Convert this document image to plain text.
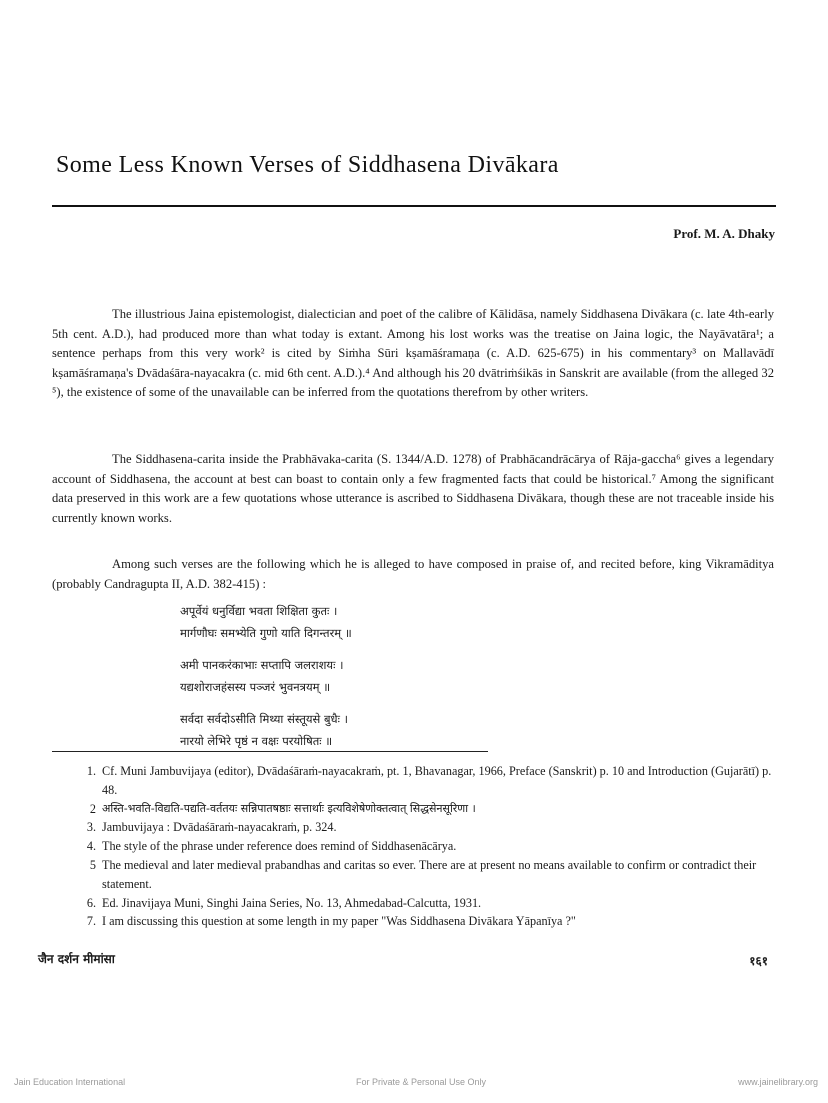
Some Less Known Verses of Siddhasena Divākara
Prof. M. A. Dhaky

The illustrious Jaina epistemologist, dialectician and poet of the calibre of Kālidāsa, namely Siddhasena Divākara (c. late 4th-early 5th cent. A.D.), had produced more than what today is extant. Among his lost works was the treatise on Jaina logic, the Nayāvatāra¹; a sentence perhaps from this very work² is cited by Siṁha Sūri kṣamāśramaṇa (c. A.D. 625-675) in his commentary³ on Mallavādī kṣamāśramaṇa's Dvādaśāra-nayacakra (c. mid 6th cent. A.D.).⁴ And although his 20 dvātriṁśikās in Sanskrit are available (from the alleged 32 ⁵), the existence of some of the unavailable can be inferred from the quotations therefrom by other writers.

The Siddhasena-carita inside the Prabhāvaka-carita (S. 1344/A.D. 1278) of Prabhācandrācārya of Rāja-gaccha⁶ gives a legendary account of Siddhasena, the account at best can boast to contain only a few fragmented facts that could be historical.⁷ Among the significant data preserved in this work are a few quotations whose utterance is ascribed to Siddhasena Divākara, though these are not traceable inside his currently known works.

Among such verses are the following which he is alleged to have composed in praise of, and recited before, king Vikramāditya (probably Candragupta II, A.D. 382-415) :

अपूर्वेयं धनुर्विद्या भवता शिक्षिता कुतः ।
मार्गणौघः समभ्येति गुणो याति दिगन्तरम् ॥
अमी पानकरंकाभाः सप्तापि जलराशयः ।
यद्यशोराजहंसस्य पञ्जरं भुवनत्रयम् ॥
सर्वदा सर्वदोऽसीति मिथ्या संस्तूयसे बुधैः ।
नारयो लेभिरे पृष्ठं न वक्षः परयोषितः ॥
1. Cf. Muni Jambuvijaya (editor), Dvādaśāraṁ-nayacakraṁ, pt. 1, Bhavanagar, 1966, Preface (Sanskrit) p. 10 and Introduction (Gujarātī) p. 48.
2 अस्ति-भवति-विद्यति-पद्यति-वर्ततयः सन्निपातषष्ठाः सत्तार्थाः इत्यविशेषेणोक्तत्वात् सिद्धसेनसूरिणा ।
3. Jambuvijaya : Dvādaśāraṁ-nayacakraṁ, p. 324.
4. The style of the phrase under reference does remind of Siddhasenācārya.
5 The medieval and later medieval prabandhas and caritas so ever. There are at present no means available to confirm or contradict their statement.
6. Ed. Jinavijaya Muni, Singhi Jaina Series, No. 13, Ahmedabad-Calcutta, 1931.
7. I am discussing this question at some length in my paper "Was Siddhasena Divākara Yāpanīya ?"
जैन दर्शन मीमांसा	१६१
Jain Education International	For Private & Personal Use Only	www.jainelibrary.org
